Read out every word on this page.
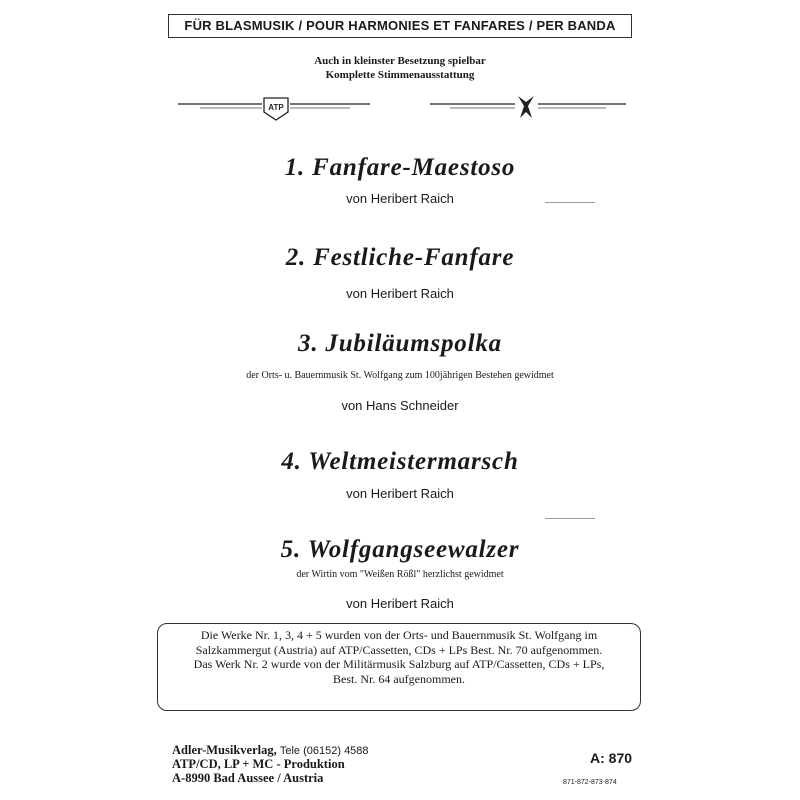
FÜR BLASMUSIK / POUR HARMONIES ET FANFARES / PER BANDA
Auch in kleinster Besetzung spielbar
Komplette Stimmenausstattung
ATP
1. Fanfare-Maestoso
von Heribert Raich
2. Festliche-Fanfare
von Heribert Raich
3. Jubiläumspolka
der Orts- u. Bauernmusik St. Wolfgang zum 100jährigen Bestehen gewidmet
von Hans Schneider
4. Weltmeistermarsch
von Heribert Raich
5. Wolfgangseewalzer
der Wirtin vom "Weißen Rößl" herzlichst gewidmet
von Heribert Raich
Die Werke Nr. 1, 3, 4 + 5 wurden von der Orts- und Bauernmusik St. Wolfgang im
Salzkammergut (Austria) auf ATP/Cassetten, CDs + LPs Best. Nr. 70 aufgenommen.
Das Werk Nr. 2 wurde von der Militärmusik Salzburg auf ATP/Cassetten, CDs + LPs,
Best. Nr. 64 aufgenommen.
Adler-Musikverlag, Tele (06152) 4588
ATP/CD, LP + MC - Produktion
A-8990 Bad Aussee / Austria
A: 870
871-872-873-874
